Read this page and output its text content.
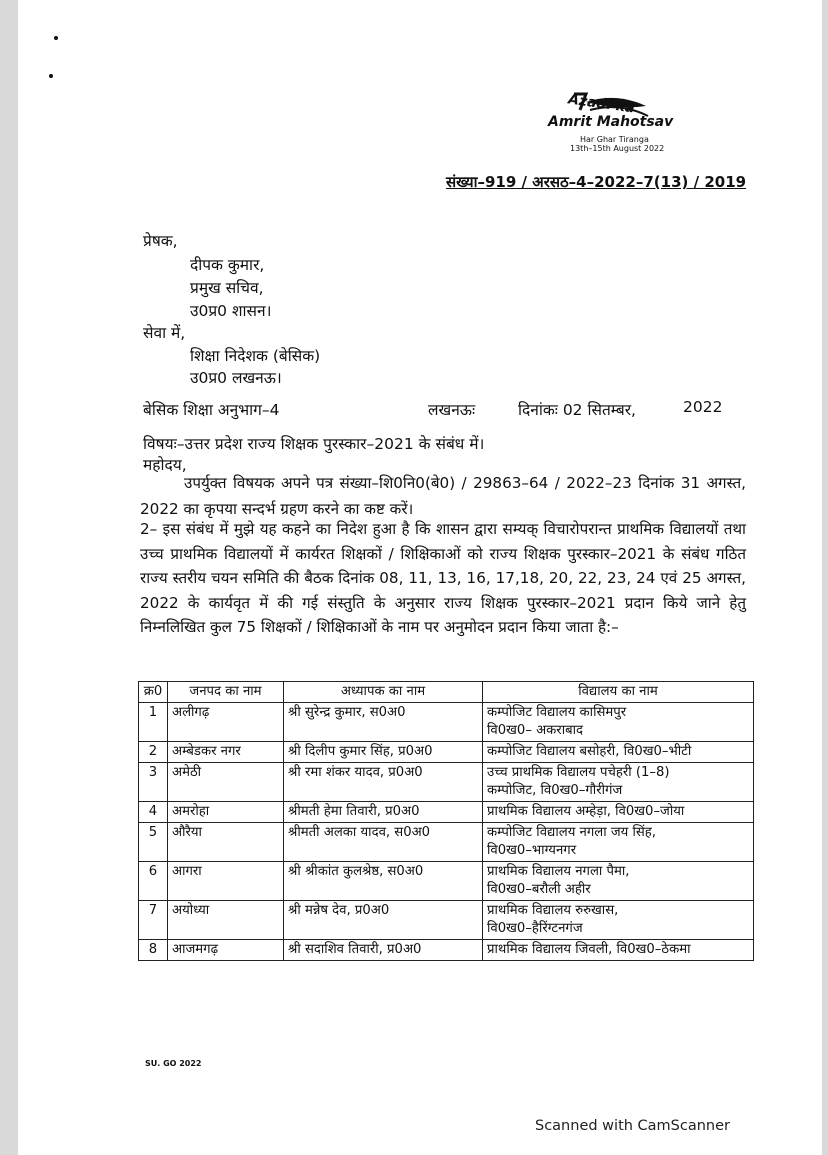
Azadi ka
Amrit Mahotsav
Har Ghar Tiranga
13th–15th August 2022
संख्या–919 / अरसठ–4–2022–7(13) / 2019
प्रेषक,
दीपक कुमार,
प्रमुख सचिव,
उ0प्र0 शासन।
सेवा में,
शिक्षा निदेशक (बेसिक)
उ0प्र0 लखनऊ।
बेसिक शिक्षा अनुभाग–4	लखनऊः	दिनांकः 02 सितम्बर,	2022
विषयः–उत्तर प्रदेश राज्य शिक्षक पुरस्कार–2021 के संबंध में।
महोदय,
उपर्युक्त विषयक अपने पत्र संख्या–शि0नि0(बे0) / 29863–64 / 2022–23 दिनांक 31 अगस्त, 2022 का कृपया सन्दर्भ ग्रहण करने का कष्ट करें।
2– इस संबंध में मुझे यह कहने का निदेश हुआ है कि शासन द्वारा सम्यक् विचारोपरान्त प्राथमिक विद्यालयों तथा उच्च प्राथमिक विद्यालयों में कार्यरत शिक्षकों / शिक्षिकाओं को राज्य शिक्षक पुरस्कार–2021 के संबंध गठित राज्य स्तरीय चयन समिति की बैठक दिनांक 08, 11, 13, 16, 17,18, 20, 22, 23, 24 एवं 25 अगस्त, 2022 के कार्यवृत में की गई संस्तुति के अनुसार राज्य शिक्षक पुरस्कार–2021 प्रदान किये जाने हेतु निम्नलिखित कुल 75 शिक्षकों / शिक्षिकाओं के नाम पर अनुमोदन प्रदान किया जाता है:–
क्र0	जनपद का नाम	अध्यापक का नाम	विद्यालय का नाम
1	अलीगढ़	श्री सुरेन्द्र कुमार, स0अ0	कम्पोजिट विद्यालय कासिमपुर
वि0ख0– अकराबाद
2	अम्बेडकर नगर	श्री दिलीप कुमार सिंह, प्र0अ0	कम्पोजिट विद्यालय बसोहरी, वि0ख0–भीटी
3	अमेठी	श्री रमा शंकर यादव, प्र0अ0	उच्च प्राथमिक विद्यालय पचेहरी (1–8)
कम्पोजिट, वि0ख0–गौरीगंज
4	अमरोहा	श्रीमती हेमा तिवारी, प्र0अ0	प्राथमिक विद्यालय अम्हेड़ा, वि0ख0–जोया
5	औरैया	श्रीमती अलका यादव, स0अ0	कम्पोजिट विद्यालय नगला जय सिंह,
वि0ख0–भाग्यनगर
6	आगरा	श्री श्रीकांत कुलश्रेष्ठ, स0अ0	प्राथमिक विद्यालय नगला पैमा,
वि0ख0–बरौली अहीर
7	अयोध्या	श्री मन्नेष देव, प्र0अ0	प्राथमिक विद्यालय रुरुखास,
वि0ख0–हैरिंग्टनगंज
8	आजमगढ़	श्री सदाशिव तिवारी, प्र0अ0	प्राथमिक विद्यालय जिवली, वि0ख0–ठेकमा
SU. GO 2022
Scanned with CamScanner
